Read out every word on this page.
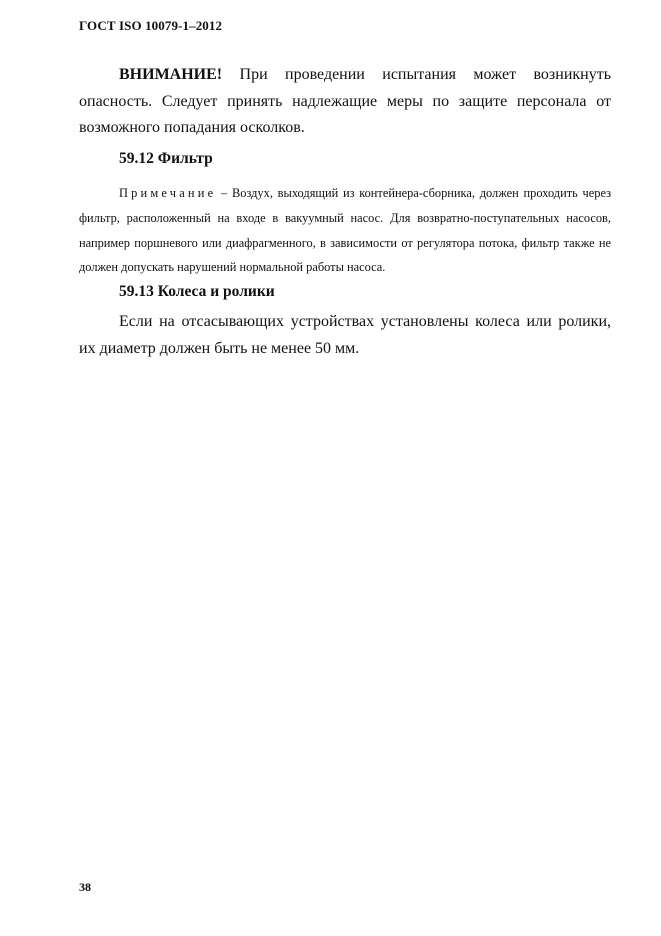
ГОСТ ISO 10079-1–2012

ВНИМАНИЕ! При проведении испытания может возникнуть опасность. Следует принять надлежащие меры по защите персонала от возможного попадания осколков.

59.12 Фильтр

Примечание – Воздух, выходящий из контейнера-сборника, должен проходить через фильтр, расположенный на входе в вакуумный насос. Для возвратно-поступательных насосов, например поршневого или диафрагменного, в зависимости от регулятора потока, фильтр также не должен допускать нарушений нормальной работы насоса.

59.13 Колеса и ролики

Если на отсасывающих устройствах установлены колеса или ролики, их диаметр должен быть не менее 50 мм.

38
